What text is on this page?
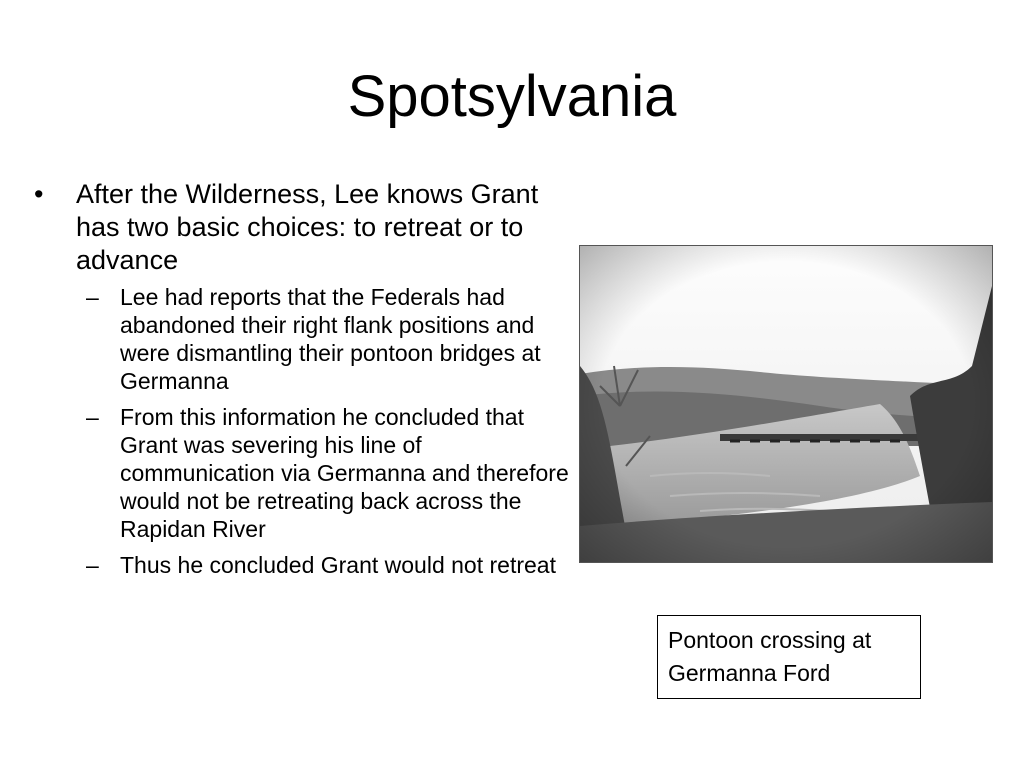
Spotsylvania
• After the Wilderness, Lee knows Grant has two basic choices: to retreat or to advance
– Lee had reports that the Federals had abandoned their right flank positions and were dismantling their pontoon bridges at Germanna
– From this information he concluded that Grant was severing his line of communication via Germanna and therefore would not be retreating back across the Rapidan River
– Thus he concluded Grant would not retreat
Pontoon crossing at Germanna Ford
